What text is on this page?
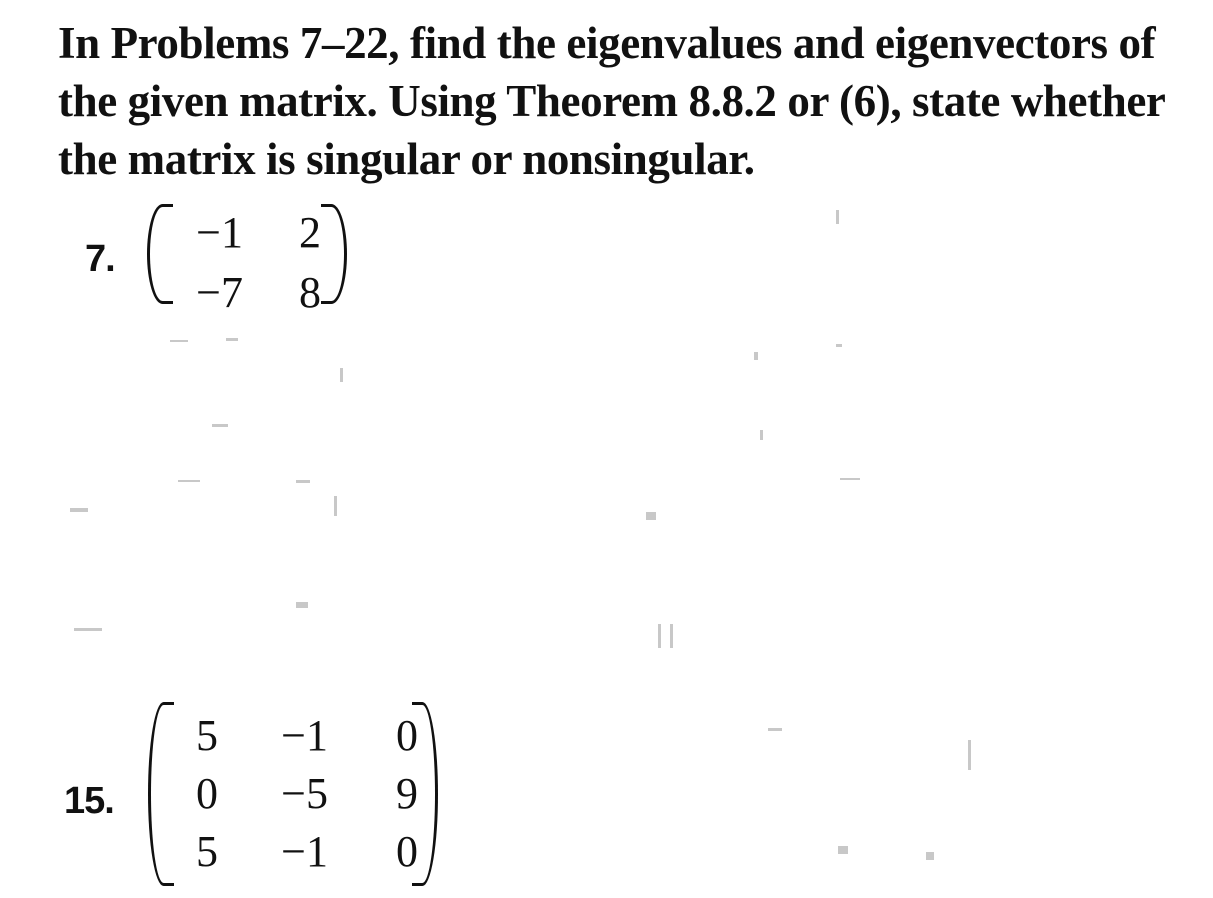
In Problems 7–22, find the eigenvalues and eigenvectors of
the given matrix. Using Theorem 8.8.2 or (6), state whether
the matrix is singular or nonsingular.

7.
−1	2
−7	8
15.
5	−1	0
0	−5	9
5	−1	0
